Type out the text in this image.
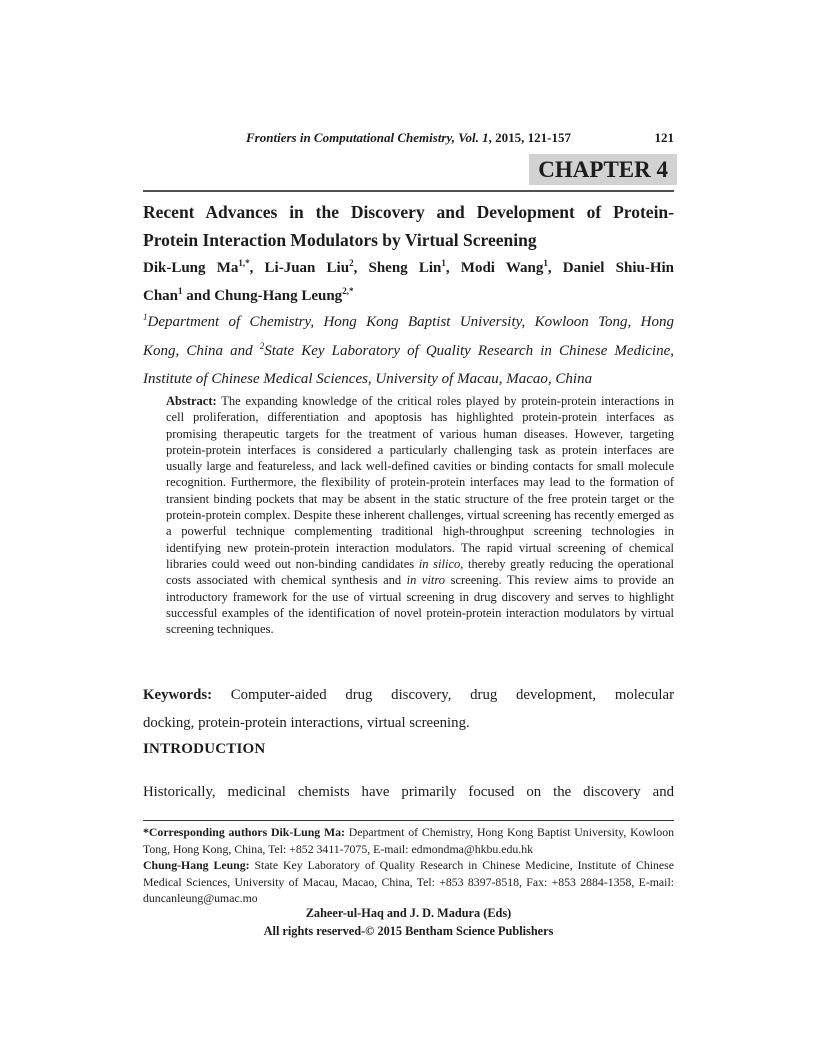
Frontiers in Computational Chemistry, Vol. 1, 2015, 121-157	121
CHAPTER 4
Recent Advances in the Discovery and Development of Protein-
Protein Interaction Modulators by Virtual Screening
Dik-Lung $Ma^{1,*}$, Li-Juan Liu$^2$, Sheng Lin$^1$, Modi Wang$^1$, Daniel Shiu-Hin
Chan$^1$ and Chung-Hang Leung$^{2,*}$
$^1$Department of Chemistry, Hong Kong Baptist University, Kowloon Tong, Hong
Kong, China and $^2$State Key Laboratory of Quality Research in Chinese Medicine,
Institute of Chinese Medical Sciences, University of Macau, Macao, China
Abstract: The expanding knowledge of the critical roles played by protein-protein interactions in cell proliferation, differentiation and apoptosis has highlighted protein-protein interfaces as promising therapeutic targets for the treatment of various human diseases. However, targeting protein-protein interfaces is considered a particularly challenging task as protein interfaces are usually large and featureless, and lack well-defined cavities or binding contacts for small molecule recognition. Furthermore, the flexibility of protein-protein interfaces may lead to the formation of transient binding pockets that may be absent in the static structure of the free protein target or the protein-protein complex. Despite these inherent challenges, virtual screening has recently emerged as a powerful technique complementing traditional high-throughput screening technologies in identifying new protein-protein interaction modulators. The rapid virtual screening of chemical libraries could weed out non-binding candidates in silico, thereby greatly reducing the operational costs associated with chemical synthesis and in vitro screening. This review aims to provide an introductory framework for the use of virtual screening in drug discovery and serves to highlight successful examples of the identification of novel protein-protein interaction modulators by virtual screening techniques.
Keywords: Computer-aided drug discovery, drug development, molecular
docking, protein-protein interactions, virtual screening.
INTRODUCTION
Historically, medicinal chemists have primarily focused on the discovery and

*Corresponding authors Dik-Lung Ma: Department of Chemistry, Hong Kong Baptist University, Kowloon Tong, Hong Kong, China, Tel: +852 3411-7075, E-mail: edmondma@hkbu.edu.hk

Chung-Hang Leung: State Key Laboratory of Quality Research in Chinese Medicine, Institute of Chinese Medical Sciences, University of Macau, Macao, China, Tel: +853 8397-8518, Fax: +853 2884-1358, E-mail: duncanleung@umac.mo

Zaheer-ul-Haq and J. D. Madura (Eds)
All rights reserved-© 2015 Bentham Science Publishers
